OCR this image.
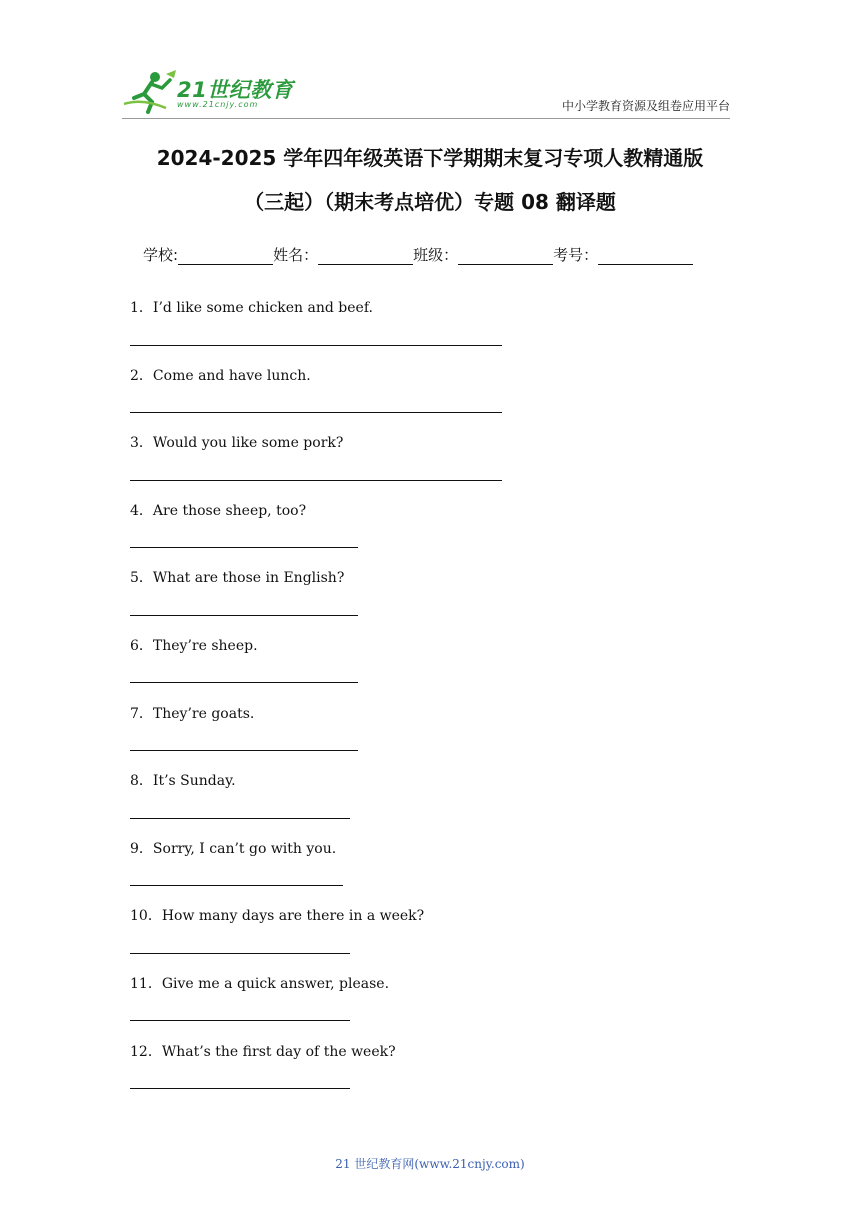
21世纪教育
www.21cnjy.com	中小学教育资源及组卷应用平台
2024-2025 学年四年级英语下学期期末复习专项人教精通版
（三起）（期末考点培优）专题 08 翻译题
学校:	姓名：	班级：	考号：
1．I’d like some chicken and beef.
2．Come and have lunch.
3．Would you like some pork?
4．Are those sheep, too?
5．What are those in English?
6．They’re sheep.
7．They’re goats.
8．It’s Sunday.
9．Sorry, I can’t go with you.
10．How many days are there in a week?
11．Give me a quick answer, please.
12．What’s the first day of the week?
21 世纪教育网(www.21cnjy.com)
